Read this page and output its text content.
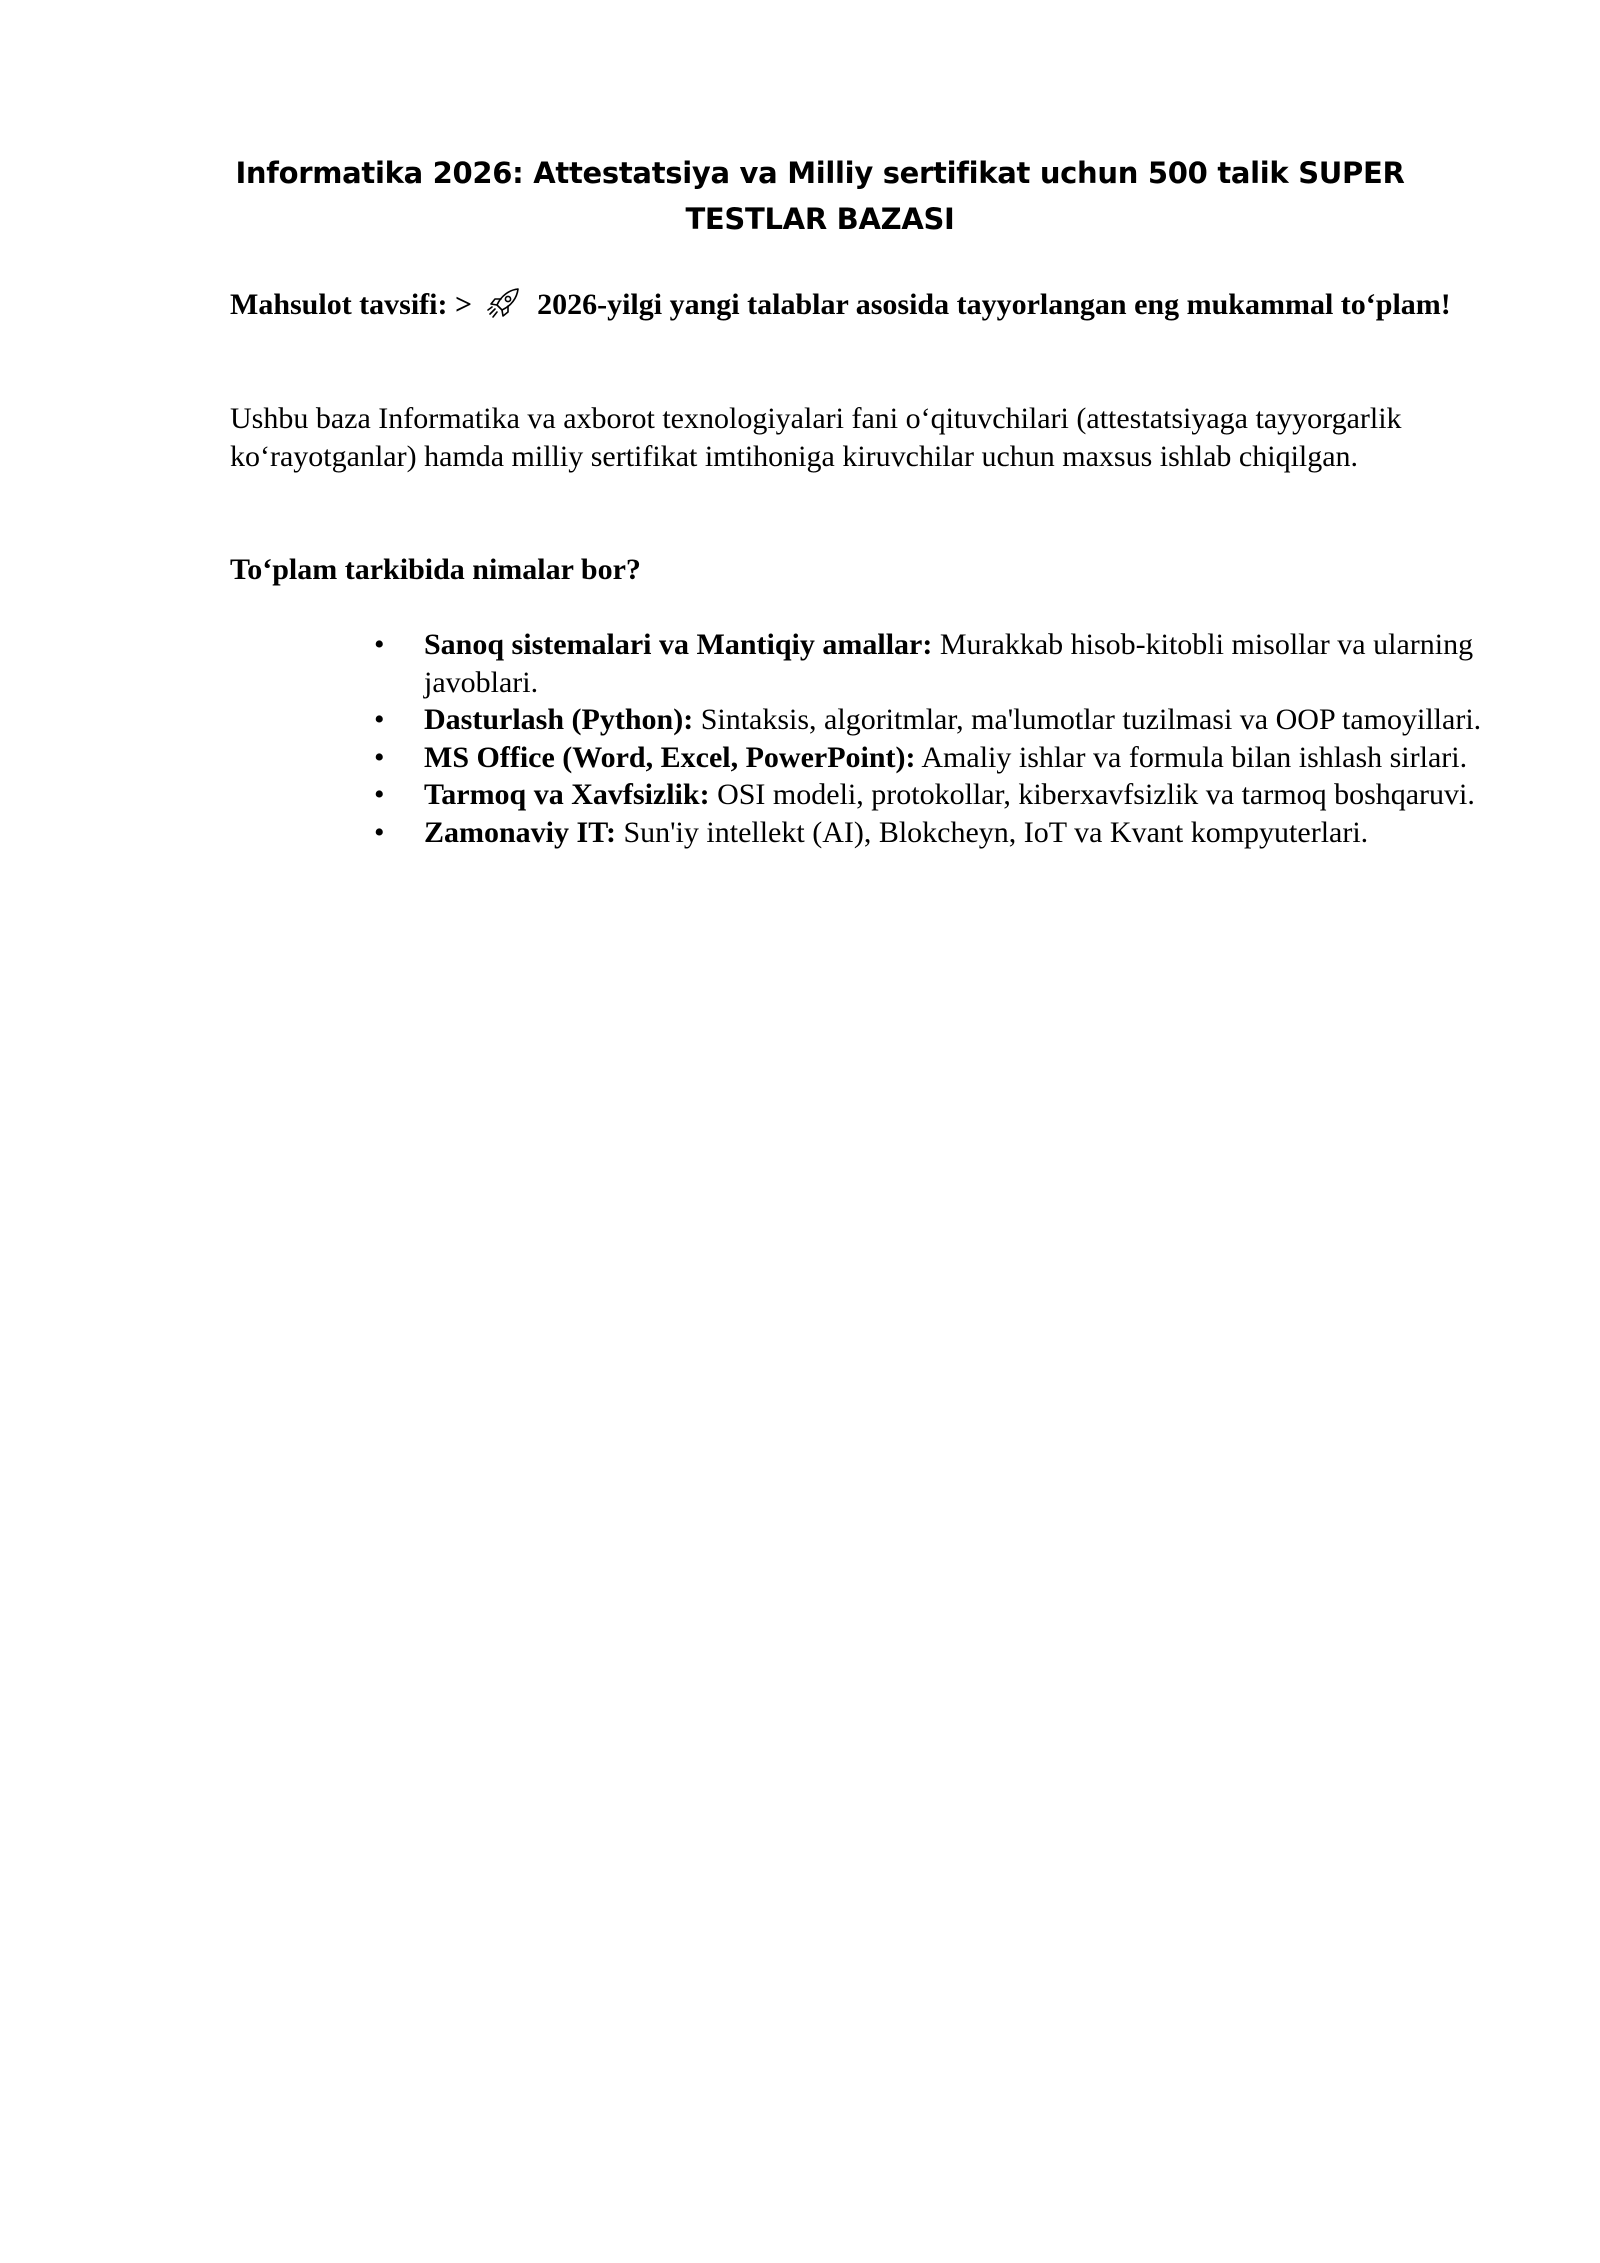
Informatika 2026: Attestatsiya va Milliy sertifikat uchun 500 talik SUPER TESTLAR BAZASI
Mahsulot tavsifi: > 2026-yilgi yangi talablar asosida tayyorlangan eng mukammal to‘plam!
Ushbu baza Informatika va axborot texnologiyalari fani o‘qituvchilari (attestatsiyaga tayyorgarlik ko‘rayotganlar) hamda milliy sertifikat imtihoniga kiruvchilar uchun maxsus ishlab chiqilgan.
To‘plam tarkibida nimalar bor?
•	Sanoq sistemalari va Mantiqiy amallar: Murakkab hisob-kitobli misollar va ularning javoblari.
•	Dasturlash (Python): Sintaksis, algoritmlar, ma'lumotlar tuzilmasi va OOP tamoyillari.
•	MS Office (Word, Excel, PowerPoint): Amaliy ishlar va formula bilan ishlash sirlari.
•	Tarmoq va Xavfsizlik: OSI modeli, protokollar, kiberxavfsizlik va tarmoq boshqaruvi.
•	Zamonaviy IT: Sun'iy intellekt (AI), Blokcheyn, IoT va Kvant kompyuterlari.
